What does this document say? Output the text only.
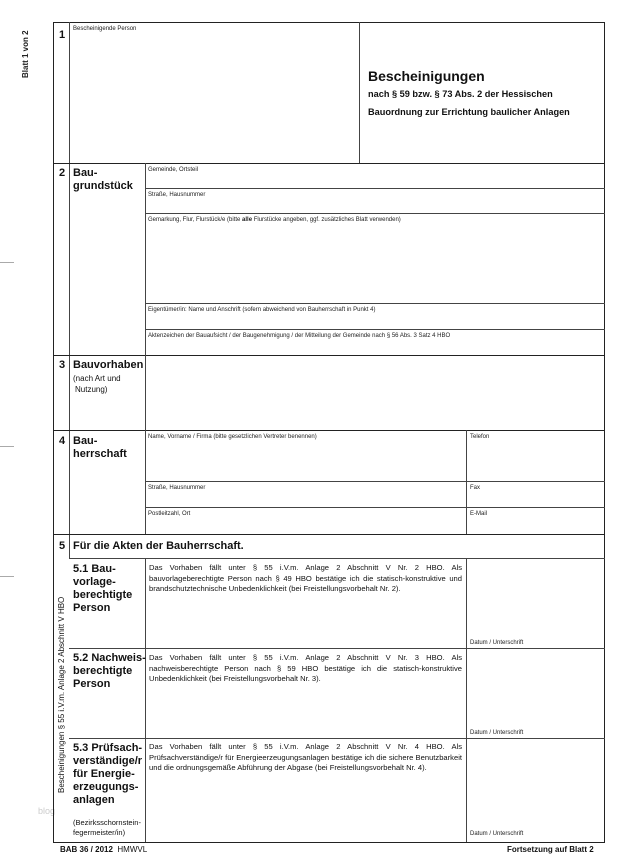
Blatt 1 von 2
Bescheinigungen § 55 i.V.m. Anlage 2 Abschnitt V HBO
blog
1 Bescheinigende Person
Bescheinigungen
nach § 59 bzw. § 73 Abs. 2 der Hessischen
Bauordnung zur Errichtung baulicher Anlagen
2 Bau-
grundstück
Gemeinde, Ortsteil
Straße, Hausnummer
Gemarkung, Flur, Flurstück/e (bitte alle Flurstücke angeben, ggf. zusätzliches Blatt verwenden)
Eigentümer/in: Name und Anschrift (sofern abweichend von Bauherrschaft in Punkt 4)
Aktenzeichen der Bauaufsicht / der Baugenehmigung / der Mitteilung der Gemeinde nach § 56 Abs. 3 Satz 4 HBO
3 Bauvorhaben
(nach Art und
Nutzung)
4 Bau-
herrschaft
Name, Vorname / Firma (bitte gesetzlichen Vertreter benennen)	Telefon
Straße, Hausnummer	Fax
Postleitzahl, Ort	E-Mail
5 Für die Akten der Bauherrschaft.
5.1 Bau-
vorlage-
berechtigte
Person
Das Vorhaben fällt unter § 55 i.V.m. Anlage 2 Abschnitt V Nr. 2 HBO. Als bauvorlageberechtigte Person nach § 49 HBO bestätige ich die statisch-konstruktive und brandschutztechnische Unbedenklichkeit (bei Freistellungsvorbehalt Nr. 2).
Datum / Unterschrift
5.2 Nachweis-
berechtigte
Person
Das Vorhaben fällt unter § 55 i.V.m. Anlage 2 Abschnitt V Nr. 3 HBO. Als nachweisberechtigte Person nach § 59 HBO bestätige ich die statisch-konstruktive Unbedenklichkeit (bei Freistellungsvorbehalt Nr. 3).
Datum / Unterschrift
5.3 Prüfsach-
verständige/r
für Energie-
erzeugungs-
anlagen
(Bezirksschornstein-
fegermeister/in)
Das Vorhaben fällt unter § 55 i.V.m. Anlage 2 Abschnitt V Nr. 4 HBO. Als Prüfsachverständige/r für Energieerzeugungsanlagen bestätige ich die sichere Benutzbarkeit und die ordnungsgemäße Abführung der Abgase (bei Freistellungsvorbehalt Nr. 4).
Datum / Unterschrift
BAB 36 / 2012 HMWVL	Fortsetzung auf Blatt 2
